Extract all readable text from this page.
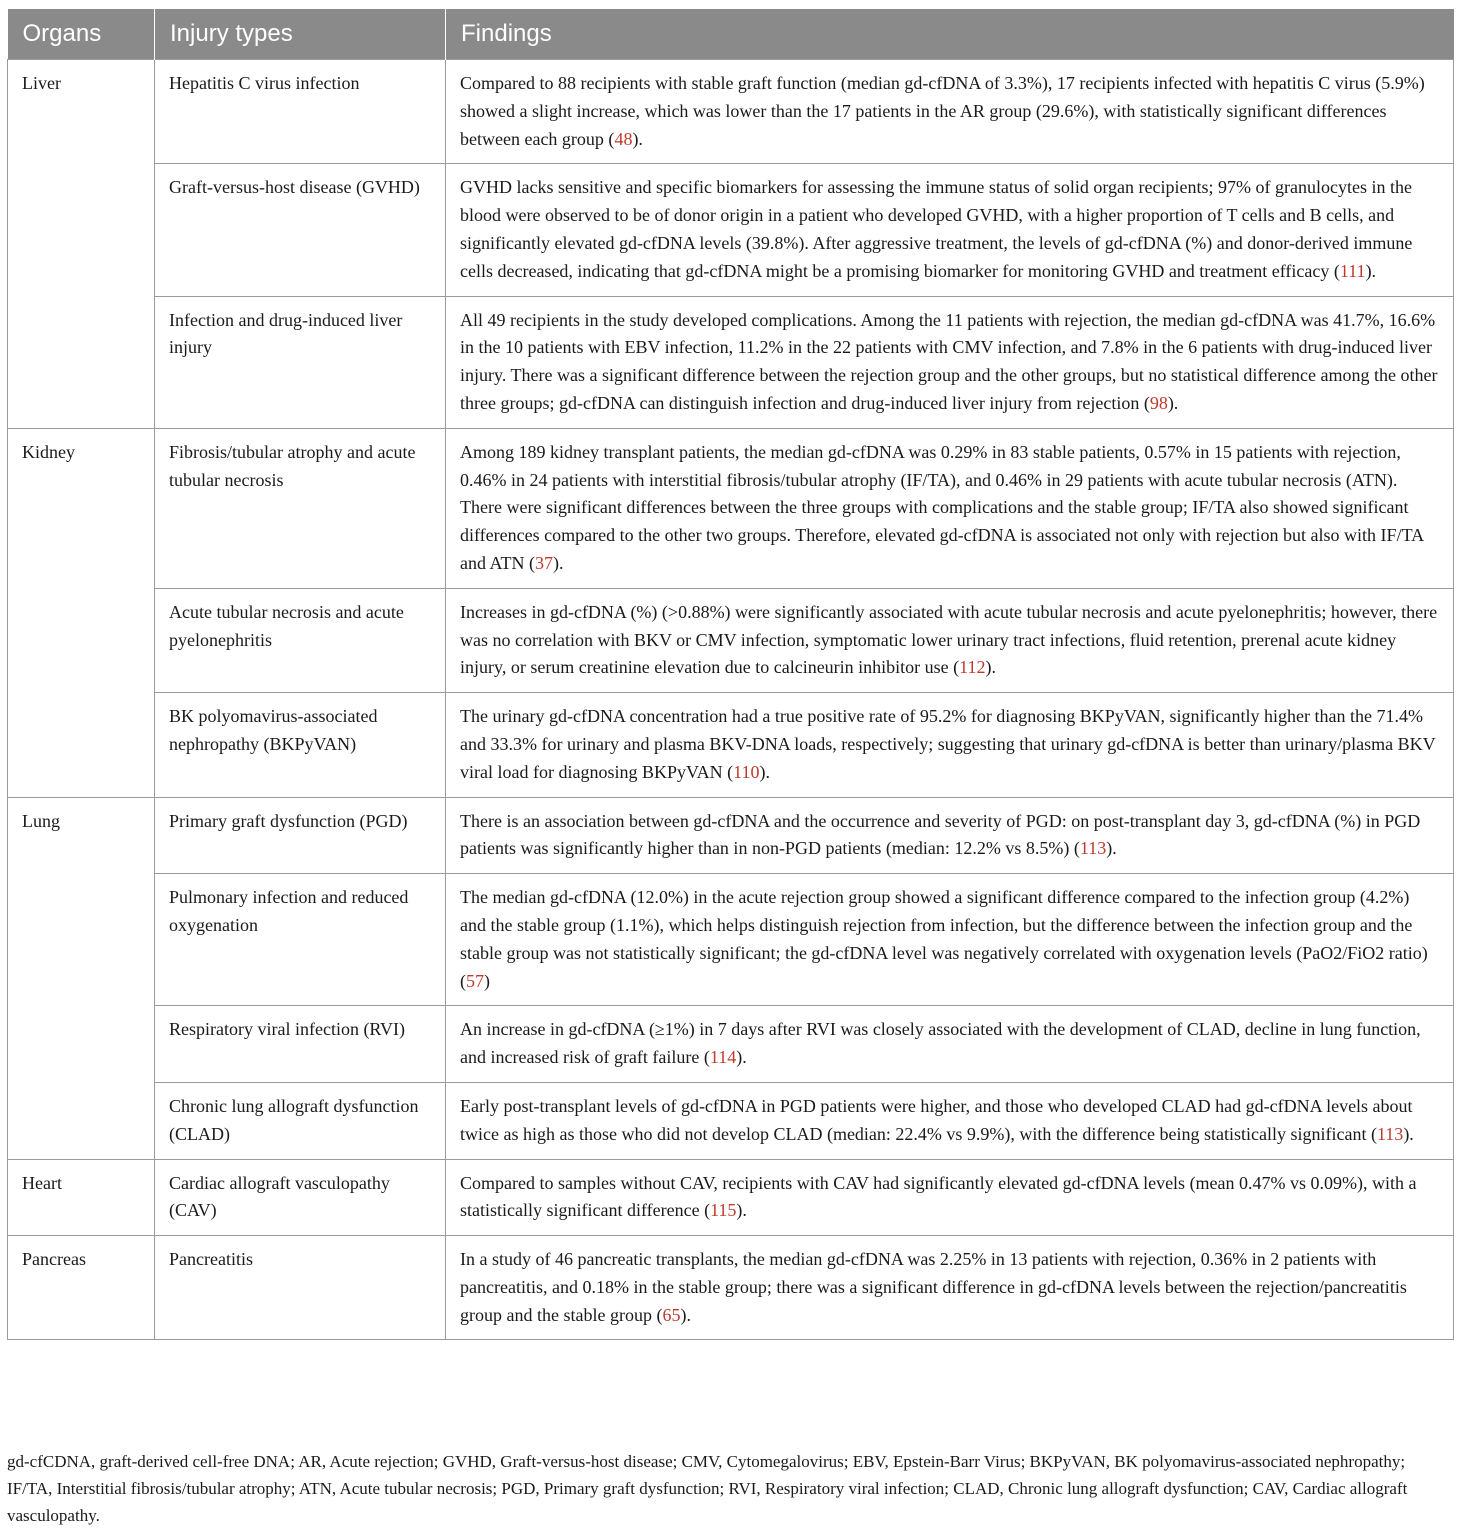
Organs	Injury types	Findings
Liver	Hepatitis C virus infection	Compared to 88 recipients with stable graft function (median gd-cfDNA of 3.3%), 17 recipients infected with hepatitis C virus (5.9%) showed a slight increase, which was lower than the 17 patients in the AR group (29.6%), with statistically significant differences between each group (48).
	Graft-versus-host disease (GVHD)	GVHD lacks sensitive and specific biomarkers for assessing the immune status of solid organ recipients; 97% of granulocytes in the blood were observed to be of donor origin in a patient who developed GVHD, with a higher proportion of T cells and B cells, and significantly elevated gd-cfDNA levels (39.8%). After aggressive treatment, the levels of gd-cfDNA (%) and donor-derived immune cells decreased, indicating that gd-cfDNA might be a promising biomarker for monitoring GVHD and treatment efficacy (111).
	Infection and drug-induced liver injury	All 49 recipients in the study developed complications. Among the 11 patients with rejection, the median gd-cfDNA was 41.7%, 16.6% in the 10 patients with EBV infection, 11.2% in the 22 patients with CMV infection, and 7.8% in the 6 patients with drug-induced liver injury. There was a significant difference between the rejection group and the other groups, but no statistical difference among the other three groups; gd-cfDNA can distinguish infection and drug-induced liver injury from rejection (98).
Kidney	Fibrosis/tubular atrophy and acute tubular necrosis	Among 189 kidney transplant patients, the median gd-cfDNA was 0.29% in 83 stable patients, 0.57% in 15 patients with rejection, 0.46% in 24 patients with interstitial fibrosis/tubular atrophy (IF/TA), and 0.46% in 29 patients with acute tubular necrosis (ATN). There were significant differences between the three groups with complications and the stable group; IF/TA also showed significant differences compared to the other two groups. Therefore, elevated gd-cfDNA is associated not only with rejection but also with IF/TA and ATN (37).
	Acute tubular necrosis and acute pyelonephritis	Increases in gd-cfDNA (%) (>0.88%) were significantly associated with acute tubular necrosis and acute pyelonephritis; however, there was no correlation with BKV or CMV infection, symptomatic lower urinary tract infections, fluid retention, prerenal acute kidney injury, or serum creatinine elevation due to calcineurin inhibitor use (112).
	BK polyomavirus-associated nephropathy (BKPyVAN)	The urinary gd-cfDNA concentration had a true positive rate of 95.2% for diagnosing BKPyVAN, significantly higher than the 71.4% and 33.3% for urinary and plasma BKV-DNA loads, respectively; suggesting that urinary gd-cfDNA is better than urinary/plasma BKV viral load for diagnosing BKPyVAN (110).
Lung	Primary graft dysfunction (PGD)	There is an association between gd-cfDNA and the occurrence and severity of PGD: on post-transplant day 3, gd-cfDNA (%) in PGD patients was significantly higher than in non-PGD patients (median: 12.2% vs 8.5%) (113).
	Pulmonary infection and reduced oxygenation	The median gd-cfDNA (12.0%) in the acute rejection group showed a significant difference compared to the infection group (4.2%) and the stable group (1.1%), which helps distinguish rejection from infection, but the difference between the infection group and the stable group was not statistically significant; the gd-cfDNA level was negatively correlated with oxygenation levels (PaO2/FiO2 ratio) (57)
	Respiratory viral infection (RVI)	An increase in gd-cfDNA (≥1%) in 7 days after RVI was closely associated with the development of CLAD, decline in lung function, and increased risk of graft failure (114).
	Chronic lung allograft dysfunction (CLAD)	Early post-transplant levels of gd-cfDNA in PGD patients were higher, and those who developed CLAD had gd-cfDNA levels about twice as high as those who did not develop CLAD (median: 22.4% vs 9.9%), with the difference being statistically significant (113).
Heart	Cardiac allograft vasculopathy (CAV)	Compared to samples without CAV, recipients with CAV had significantly elevated gd-cfDNA levels (mean 0.47% vs 0.09%), with a statistically significant difference (115).
Pancreas	Pancreatitis	In a study of 46 pancreatic transplants, the median gd-cfDNA was 2.25% in 13 patients with rejection, 0.36% in 2 patients with pancreatitis, and 0.18% in the stable group; there was a significant difference in gd-cfDNA levels between the rejection/pancreatitis group and the stable group (65).
gd-cfCDNA, graft-derived cell-free DNA; AR, Acute rejection; GVHD, Graft-versus-host disease; CMV, Cytomegalovirus; EBV, Epstein-Barr Virus; BKPyVAN, BK polyomavirus-associated nephropathy; IF/TA, Interstitial fibrosis/tubular atrophy; ATN, Acute tubular necrosis; PGD, Primary graft dysfunction; RVI, Respiratory viral infection; CLAD, Chronic lung allograft dysfunction; CAV, Cardiac allograft vasculopathy.
